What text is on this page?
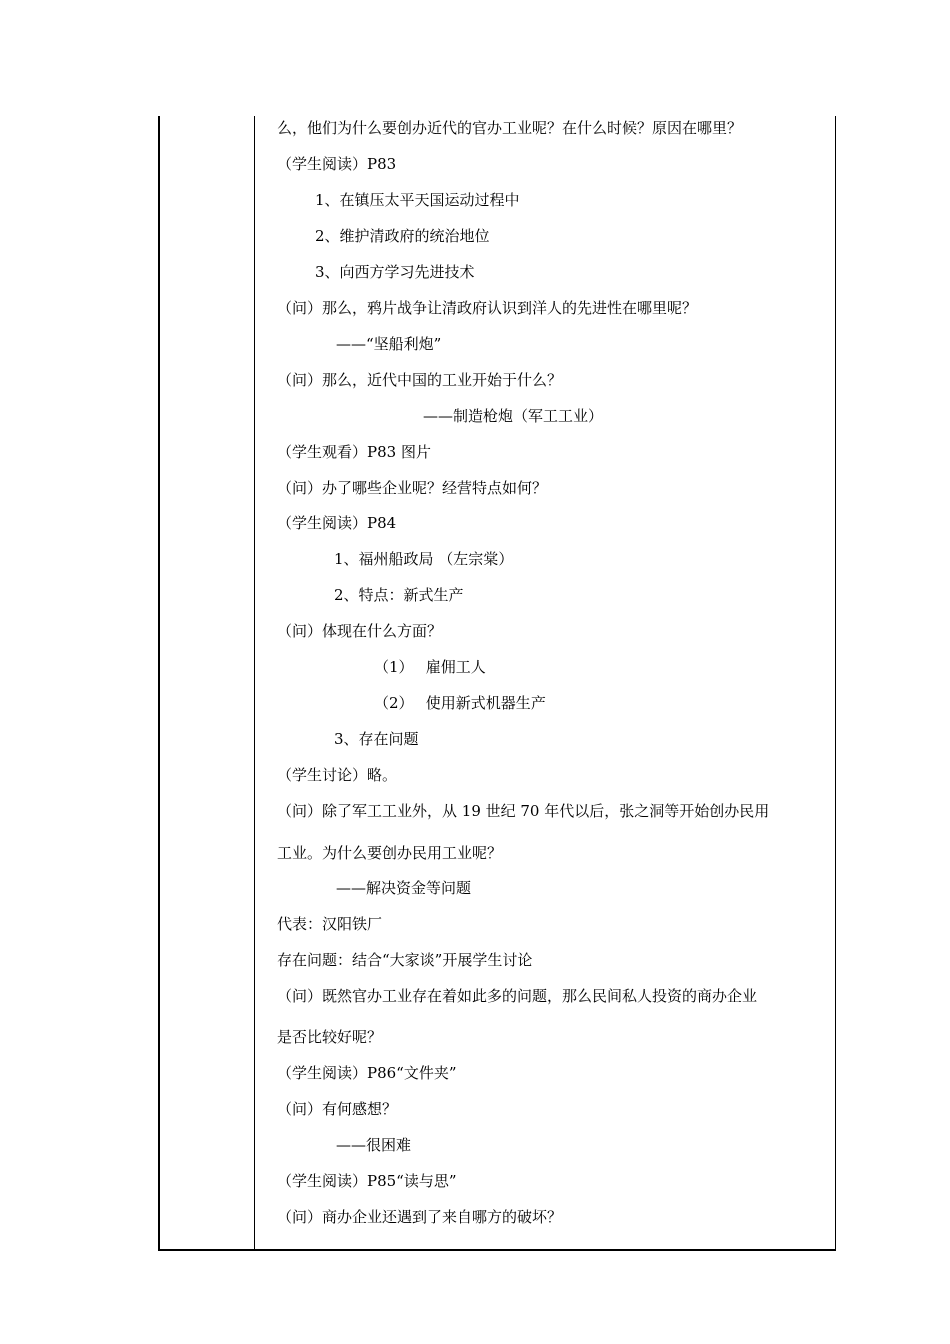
么，他们为什么要创办近代的官办工业呢？在什么时候？原因在哪里？
（学生阅读）P83
1、在镇压太平天国运动过程中
2、维护清政府的统治地位
3、向西方学习先进技术
（问）那么，鸦片战争让清政府认识到洋人的先进性在哪里呢？
——“坚船利炮”
（问）那么，近代中国的工业开始于什么？
——制造枪炮（军工工业）
（学生观看）P83 图片
（问）办了哪些企业呢？经营特点如何？
（学生阅读）P84
1、福州船政局 （左宗棠）
2、特点：新式生产
（问）体现在什么方面？
（1）　 雇佣工人
（2）　 使用新式机器生产
3、存在问题
（学生讨论）略。
（问）除了军工工业外，从 19 世纪 70 年代以后，张之洞等开始创办民用
工业。为什么要创办民用工业呢？
——解决资金等问题
代表：汉阳铁厂
存在问题：结合“大家谈”开展学生讨论
（问）既然官办工业存在着如此多的问题，那么民间私人投资的商办企业
是否比较好呢？
（学生阅读）P86“文件夹”
（问）有何感想？
——很困难
（学生阅读）P85“读与思”
（问）商办企业还遇到了来自哪方的破坏？
